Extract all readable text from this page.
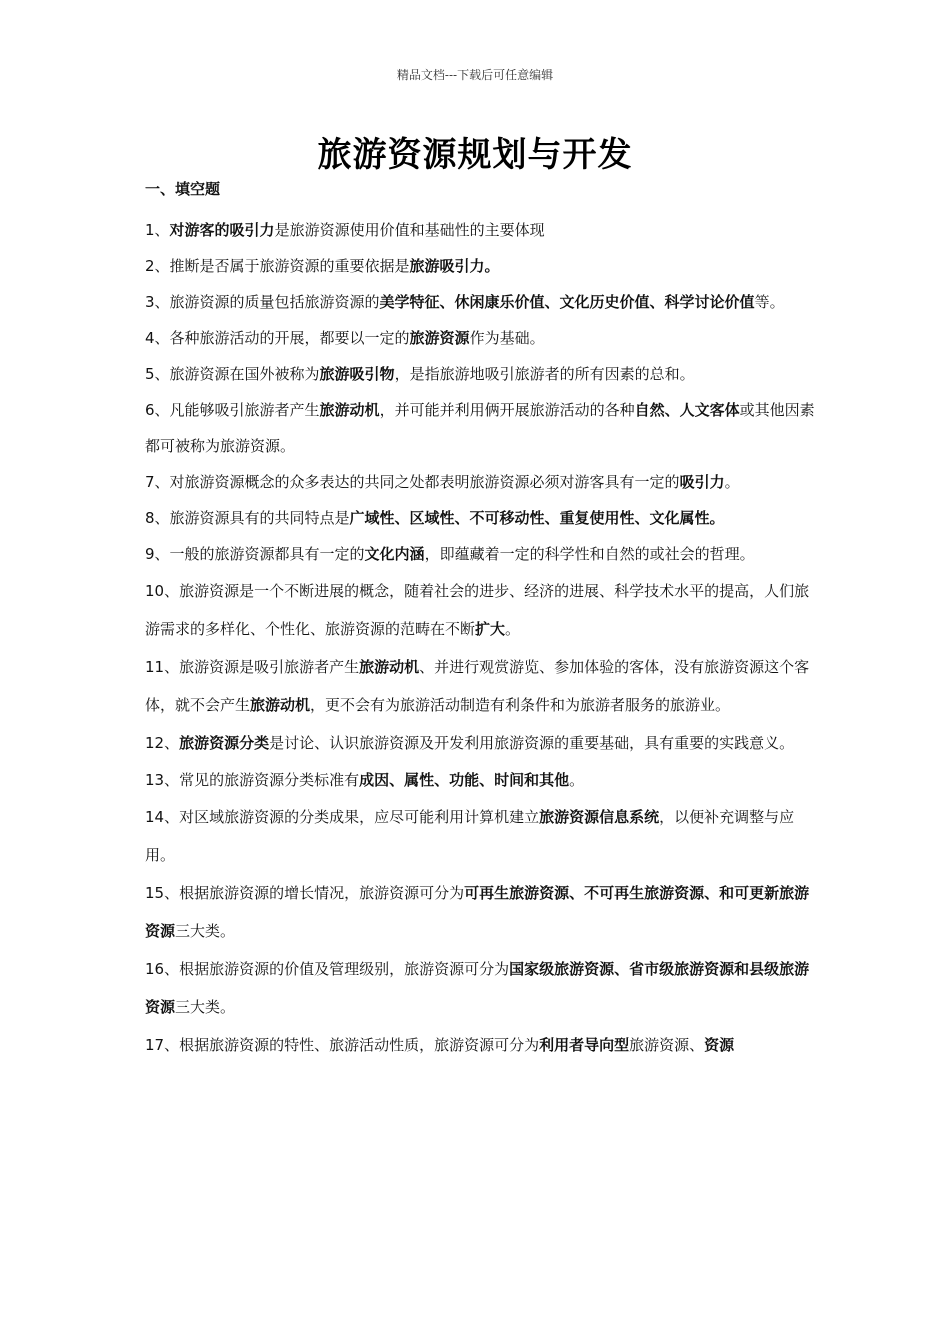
精品文档---下载后可任意编辑
旅游资源规划与开发
一、填空题

1、对游客的吸引力是旅游资源使用价值和基础性的主要体现

2、推断是否属于旅游资源的重要依据是旅游吸引力。

3、旅游资源的质量包括旅游资源的美学特征、休闲康乐价值、文化历史价值、科学讨论价值等。

4、各种旅游活动的开展，都要以一定的旅游资源作为基础。

5、旅游资源在国外被称为旅游吸引物，是指旅游地吸引旅游者的所有因素的总和。

6、凡能够吸引旅游者产生旅游动机，并可能并利用俩开展旅游活动的各种自然、人文客体或其他因素都可被称为旅游资源。

7、对旅游资源概念的众多表达的共同之处都表明旅游资源必须对游客具有一定的吸引力。

8、旅游资源具有的共同特点是广域性、区域性、不可移动性、重复使用性、文化属性。

9、一般的旅游资源都具有一定的文化内涵，即蕴藏着一定的科学性和自然的或社会的哲理。

10、旅游资源是一个不断进展的概念，随着社会的进步、经济的进展、科学技术水平的提高，人们旅游需求的多样化、个性化、旅游资源的范畴在不断扩大。

11、旅游资源是吸引旅游者产生旅游动机、并进行观赏游览、参加体验的客体，没有旅游资源这个客体，就不会产生旅游动机，更不会有为旅游活动制造有利条件和为旅游者服务的旅游业。

12、旅游资源分类是讨论、认识旅游资源及开发利用旅游资源的重要基础，具有重要的实践意义。

13、常见的旅游资源分类标准有成因、属性、功能、时间和其他。

14、对区域旅游资源的分类成果，应尽可能利用计算机建立旅游资源信息系统，以便补充调整与应用。

15、根据旅游资源的增长情况，旅游资源可分为可再生旅游资源、不可再生旅游资源、和可更新旅游资源三大类。

16、根据旅游资源的价值及管理级别，旅游资源可分为国家级旅游资源、省市级旅游资源和县级旅游资源三大类。

17、根据旅游资源的特性、旅游活动性质，旅游资源可分为利用者导向型旅游资源、资源
